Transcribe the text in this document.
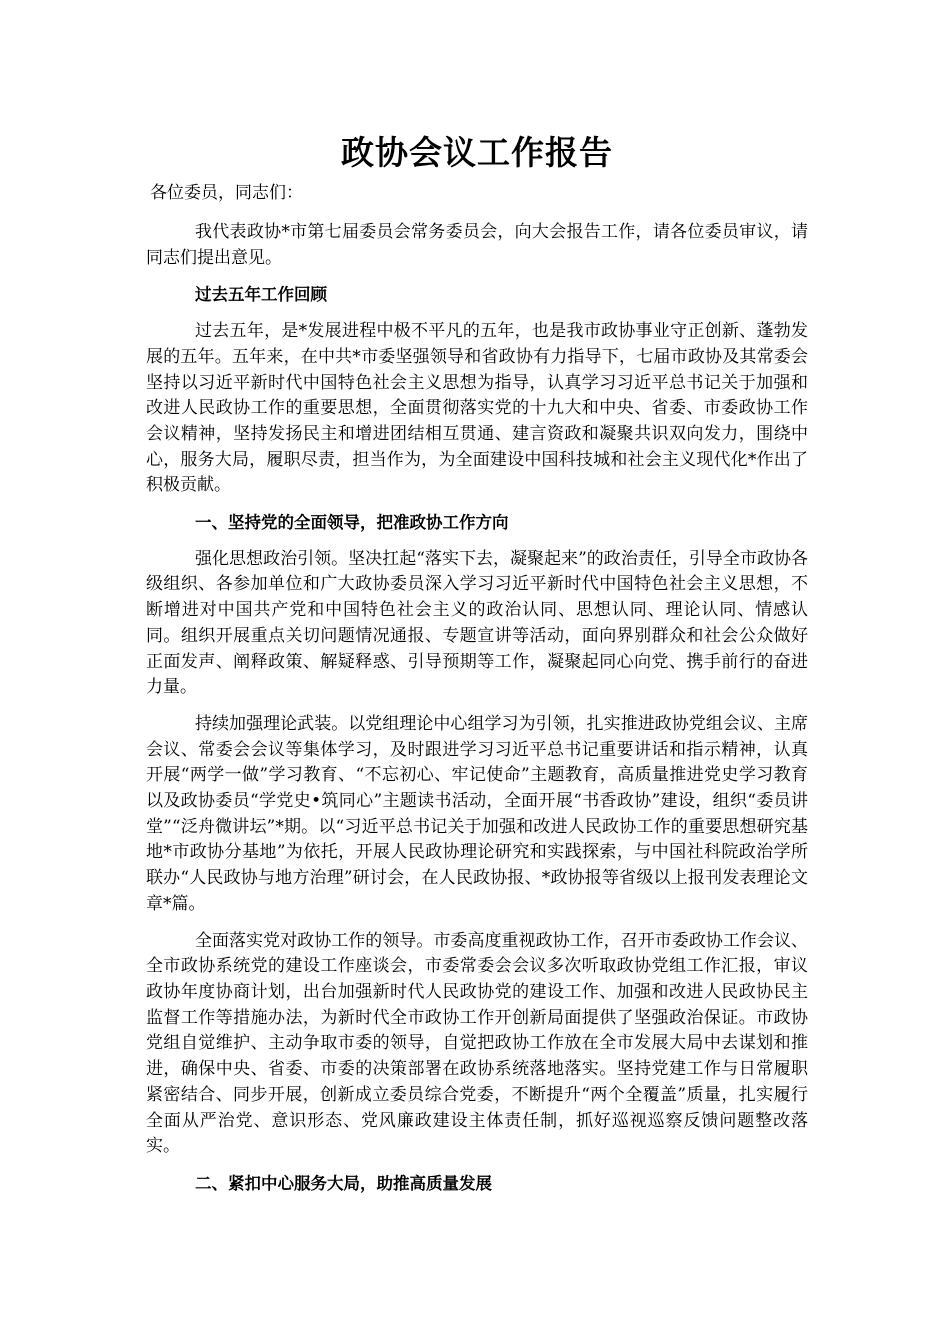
政协会议工作报告
各位委员，同志们：

我代表政协*市第七届委员会常务委员会，向大会报告工作，请各位委员审议，请同志们提出意见。

过去五年工作回顾

过去五年，是*发展进程中极不平凡的五年，也是我市政协事业守正创新、蓬勃发展的五年。五年来，在中共*市委坚强领导和省政协有力指导下，七届市政协及其常委会坚持以习近平新时代中国特色社会主义思想为指导，认真学习习近平总书记关于加强和改进人民政协工作的重要思想，全面贯彻落实党的十九大和中央、省委、市委政协工作会议精神，坚持发扬民主和增进团结相互贯通、建言资政和凝聚共识双向发力，围绕中心，服务大局，履职尽责，担当作为，为全面建设中国科技城和社会主义现代化*作出了积极贡献。

一、坚持党的全面领导，把准政协工作方向

强化思想政治引领。坚决扛起“落实下去，凝聚起来”的政治责任，引导全市政协各级组织、各参加单位和广大政协委员深入学习习近平新时代中国特色社会主义思想，不断增进对中国共产党和中国特色社会主义的政治认同、思想认同、理论认同、情感认同。组织开展重点关切问题情况通报、专题宣讲等活动，面向界别群众和社会公众做好正面发声、阐释政策、解疑释惑、引导预期等工作，凝聚起同心向党、携手前行的奋进力量。

持续加强理论武装。以党组理论中心组学习为引领，扎实推进政协党组会议、主席会议、常委会会议等集体学习，及时跟进学习习近平总书记重要讲话和指示精神，认真开展“两学一做”学习教育、“不忘初心、牢记使命”主题教育，高质量推进党史学习教育以及政协委员“学党史•筑同心”主题读书活动，全面开展“书香政协”建设，组织“委员讲堂”“泛舟微讲坛”*期。以“习近平总书记关于加强和改进人民政协工作的重要思想研究基地*市政协分基地”为依托，开展人民政协理论研究和实践探索，与中国社科院政治学所联办“人民政协与地方治理”研讨会，在人民政协报、*政协报等省级以上报刊发表理论文章*篇。

全面落实党对政协工作的领导。市委高度重视政协工作，召开市委政协工作会议、全市政协系统党的建设工作座谈会，市委常委会会议多次听取政协党组工作汇报，审议政协年度协商计划，出台加强新时代人民政协党的建设工作、加强和改进人民政协民主监督工作等措施办法，为新时代全市政协工作开创新局面提供了坚强政治保证。市政协党组自觉维护、主动争取市委的领导，自觉把政协工作放在全市发展大局中去谋划和推进，确保中央、省委、市委的决策部署在政协系统落地落实。坚持党建工作与日常履职紧密结合、同步开展，创新成立委员综合党委，不断提升“两个全覆盖”质量，扎实履行全面从严治党、意识形态、党风廉政建设主体责任制，抓好巡视巡察反馈问题整改落实。

二、紧扣中心服务大局，助推高质量发展
